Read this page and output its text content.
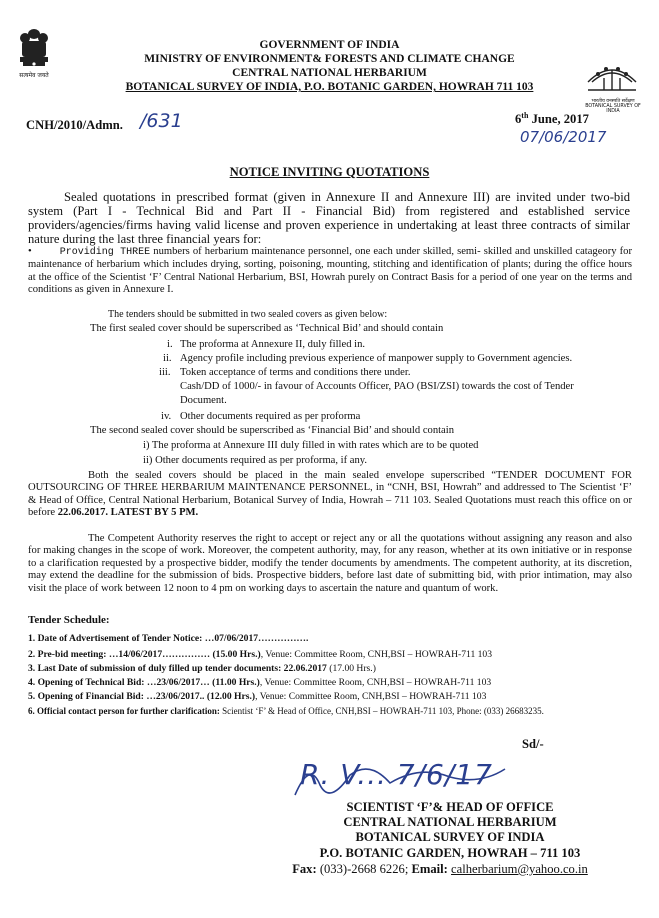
सत्यमेव जयते
भारतीय वनस्पति सर्वेक्षण
BOTANICAL SURVEY OF INDIA
GOVERNMENT OF INDIA
MINISTRY OF ENVIRONMENT& FORESTS AND CLIMATE CHANGE
CENTRAL NATIONAL HERBARIUM
BOTANICAL SURVEY OF INDIA, P.O. BOTANIC GARDEN, HOWRAH 711 103
CNH/2010/Admn. /631	6th June, 2017
07/06/2017
NOTICE INVITING QUOTATIONS
Sealed quotations in prescribed format (given in Annexure II and Annexure III) are invited under two-bid system (Part I - Technical Bid and Part II - Financial Bid) from registered and established service providers/agencies/firms having valid license and proven experience in undertaking at least three contracts of similar nature during the last three financial years for:
•	Providing THREE numbers of herbarium maintenance personnel, one each under skilled, semi- skilled and unskilled catageory for maintenance of herbarium which includes drying, sorting, poisoning, mounting, stitching and identification of plants; during the office hours at the office of the Scientist ‘F’ Central National Herbarium, BSI, Howrah purely on Contract Basis for a period of one year on the terms and conditions as given in Annexure I.
The tenders should be submitted in two sealed covers as given below:
The first sealed cover should be superscribed as ‘Technical Bid’ and should contain
i. The proforma at Annexure II, duly filled in.
ii. Agency profile including previous experience of manpower supply to Government agencies.
iii. Token acceptance of terms and conditions there under.
Cash/DD of 1000/- in favour of Accounts Officer, PAO (BSI/ZSI) towards the cost of Tender
Document.
iv. Other documents required as per proforma
The second sealed cover should be superscribed as ‘Financial Bid’ and should contain
i) The proforma at Annexure III duly filled in with rates which are to be quoted
ii) Other documents required as per proforma, if any.
Both the sealed covers should be placed in the main sealed envelope superscribed “TENDER DOCUMENT FOR OUTSOURCING OF THREE HERBARIUM MAINTENANCE PERSONNEL, in “CNH, BSI, Howrah” and addressed to The Scientist ‘F’ & Head of Office, Central National Herbarium, Botanical Survey of India, Howrah – 711 103. Sealed Quotations must reach this office on or before 22.06.2017. LATEST BY 5 PM.
The Competent Authority reserves the right to accept or reject any or all the quotations without assigning any reason and also for making changes in the scope of work. Moreover, the competent authority, may, for any reason, whether at its own initiative or in response to a clarification requested by a prospective bidder, modify the tender documents by amendments. The competent authority, at its discretion, may extend the deadline for the submission of bids. Prospective bidders, before last date of submitting bid, with prior intimation, may also visit the place of work between 12 noon to 4 pm on working days to ascertain the nature and quantum of work.
Tender Schedule:
1. Date of Advertisement of Tender Notice: …07/06/2017…………….
2. Pre-bid meeting: …14/06/2017…………… (15.00 Hrs.), Venue: Committee Room, CNH,BSI – HOWRAH-711 103
3. Last Date of submission of duly filled up tender documents: 22.06.2017 (17.00 Hrs.)
4. Opening of Technical Bid: …23/06/2017… (11.00 Hrs.), Venue: Committee Room, CNH,BSI – HOWRAH-711 103
5. Opening of Financial Bid: …23/06/2017.. (12.00 Hrs.), Venue: Committee Room, CNH,BSI – HOWRAH-711 103
6. Official contact person for further clarification: Scientist ‘F’ & Head of Office, CNH,BSI – HOWRAH-711 103, Phone: (033) 26683235.
Sd/-
R. V... 7/6/17
SCIENTIST ‘F’& HEAD OF OFFICE
CENTRAL NATIONAL HERBARIUM
BOTANICAL SURVEY OF INDIA
P.O. BOTANIC GARDEN, HOWRAH – 711 103
Fax: (033)-2668 6226; Email: calherbarium@yahoo.co.in
